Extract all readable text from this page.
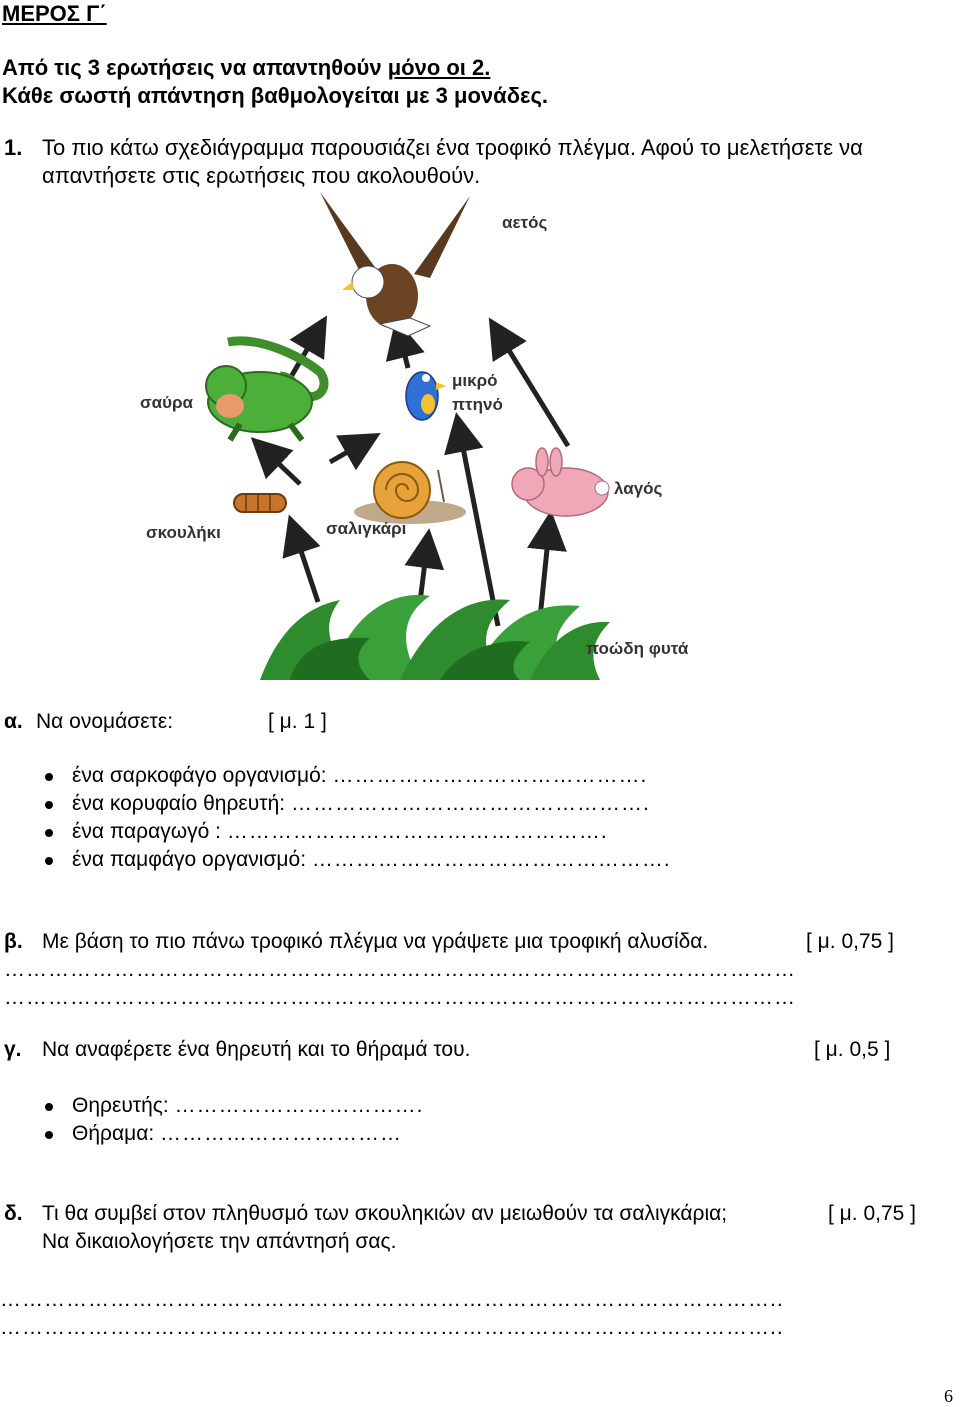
ΜΕΡΟΣ Γ΄
Από τις 3 ερωτήσεις να απαντηθούν μόνο οι 2.
Κάθε σωστή απάντηση βαθμολογείται με 3 μονάδες.
1. Το πιο κάτω σχεδιάγραμμα παρουσιάζει ένα τροφικό πλέγμα. Αφού το μελετήσετε να
απαντήσετε στις ερωτήσεις που ακολουθούν.
αετός
σαύρα
μικρό
πτηνό
σκουλήκι	σαλιγκάρι
λαγός
ποώδη φυτά
α. Να ονομάσετε:	[ μ. 1 ]
ένα σαρκοφάγο οργανισμό: …………………………………….
ένα κορυφαίο θηρευτή: ………………………………………….
ένα παραγωγό : …………………………………………….
ένα παμφάγο οργανισμό: ………………………………………….
β. Με βάση το πιο πάνω τροφικό πλέγμα να γράψετε μια τροφική αλυσίδα.	[ μ. 0,75 ]
………………………………………………………………………………………………
………………………………………………………………………………………………
γ. Να αναφέρετε ένα θηρευτή και το θήραμά του.	[ μ. 0,5 ]
Θηρευτής: …………………………….
Θήραμα: ……………………………
δ. Τι θα συμβεί στον πληθυσμό των σκουληκιών αν μειωθούν τα σαλιγκάρια;	[ μ. 0,75 ]
Να δικαιολογήσετε την απάντησή σας.
……………………………………………………………………………………………..
……………………………………………………………………………………………..
6
